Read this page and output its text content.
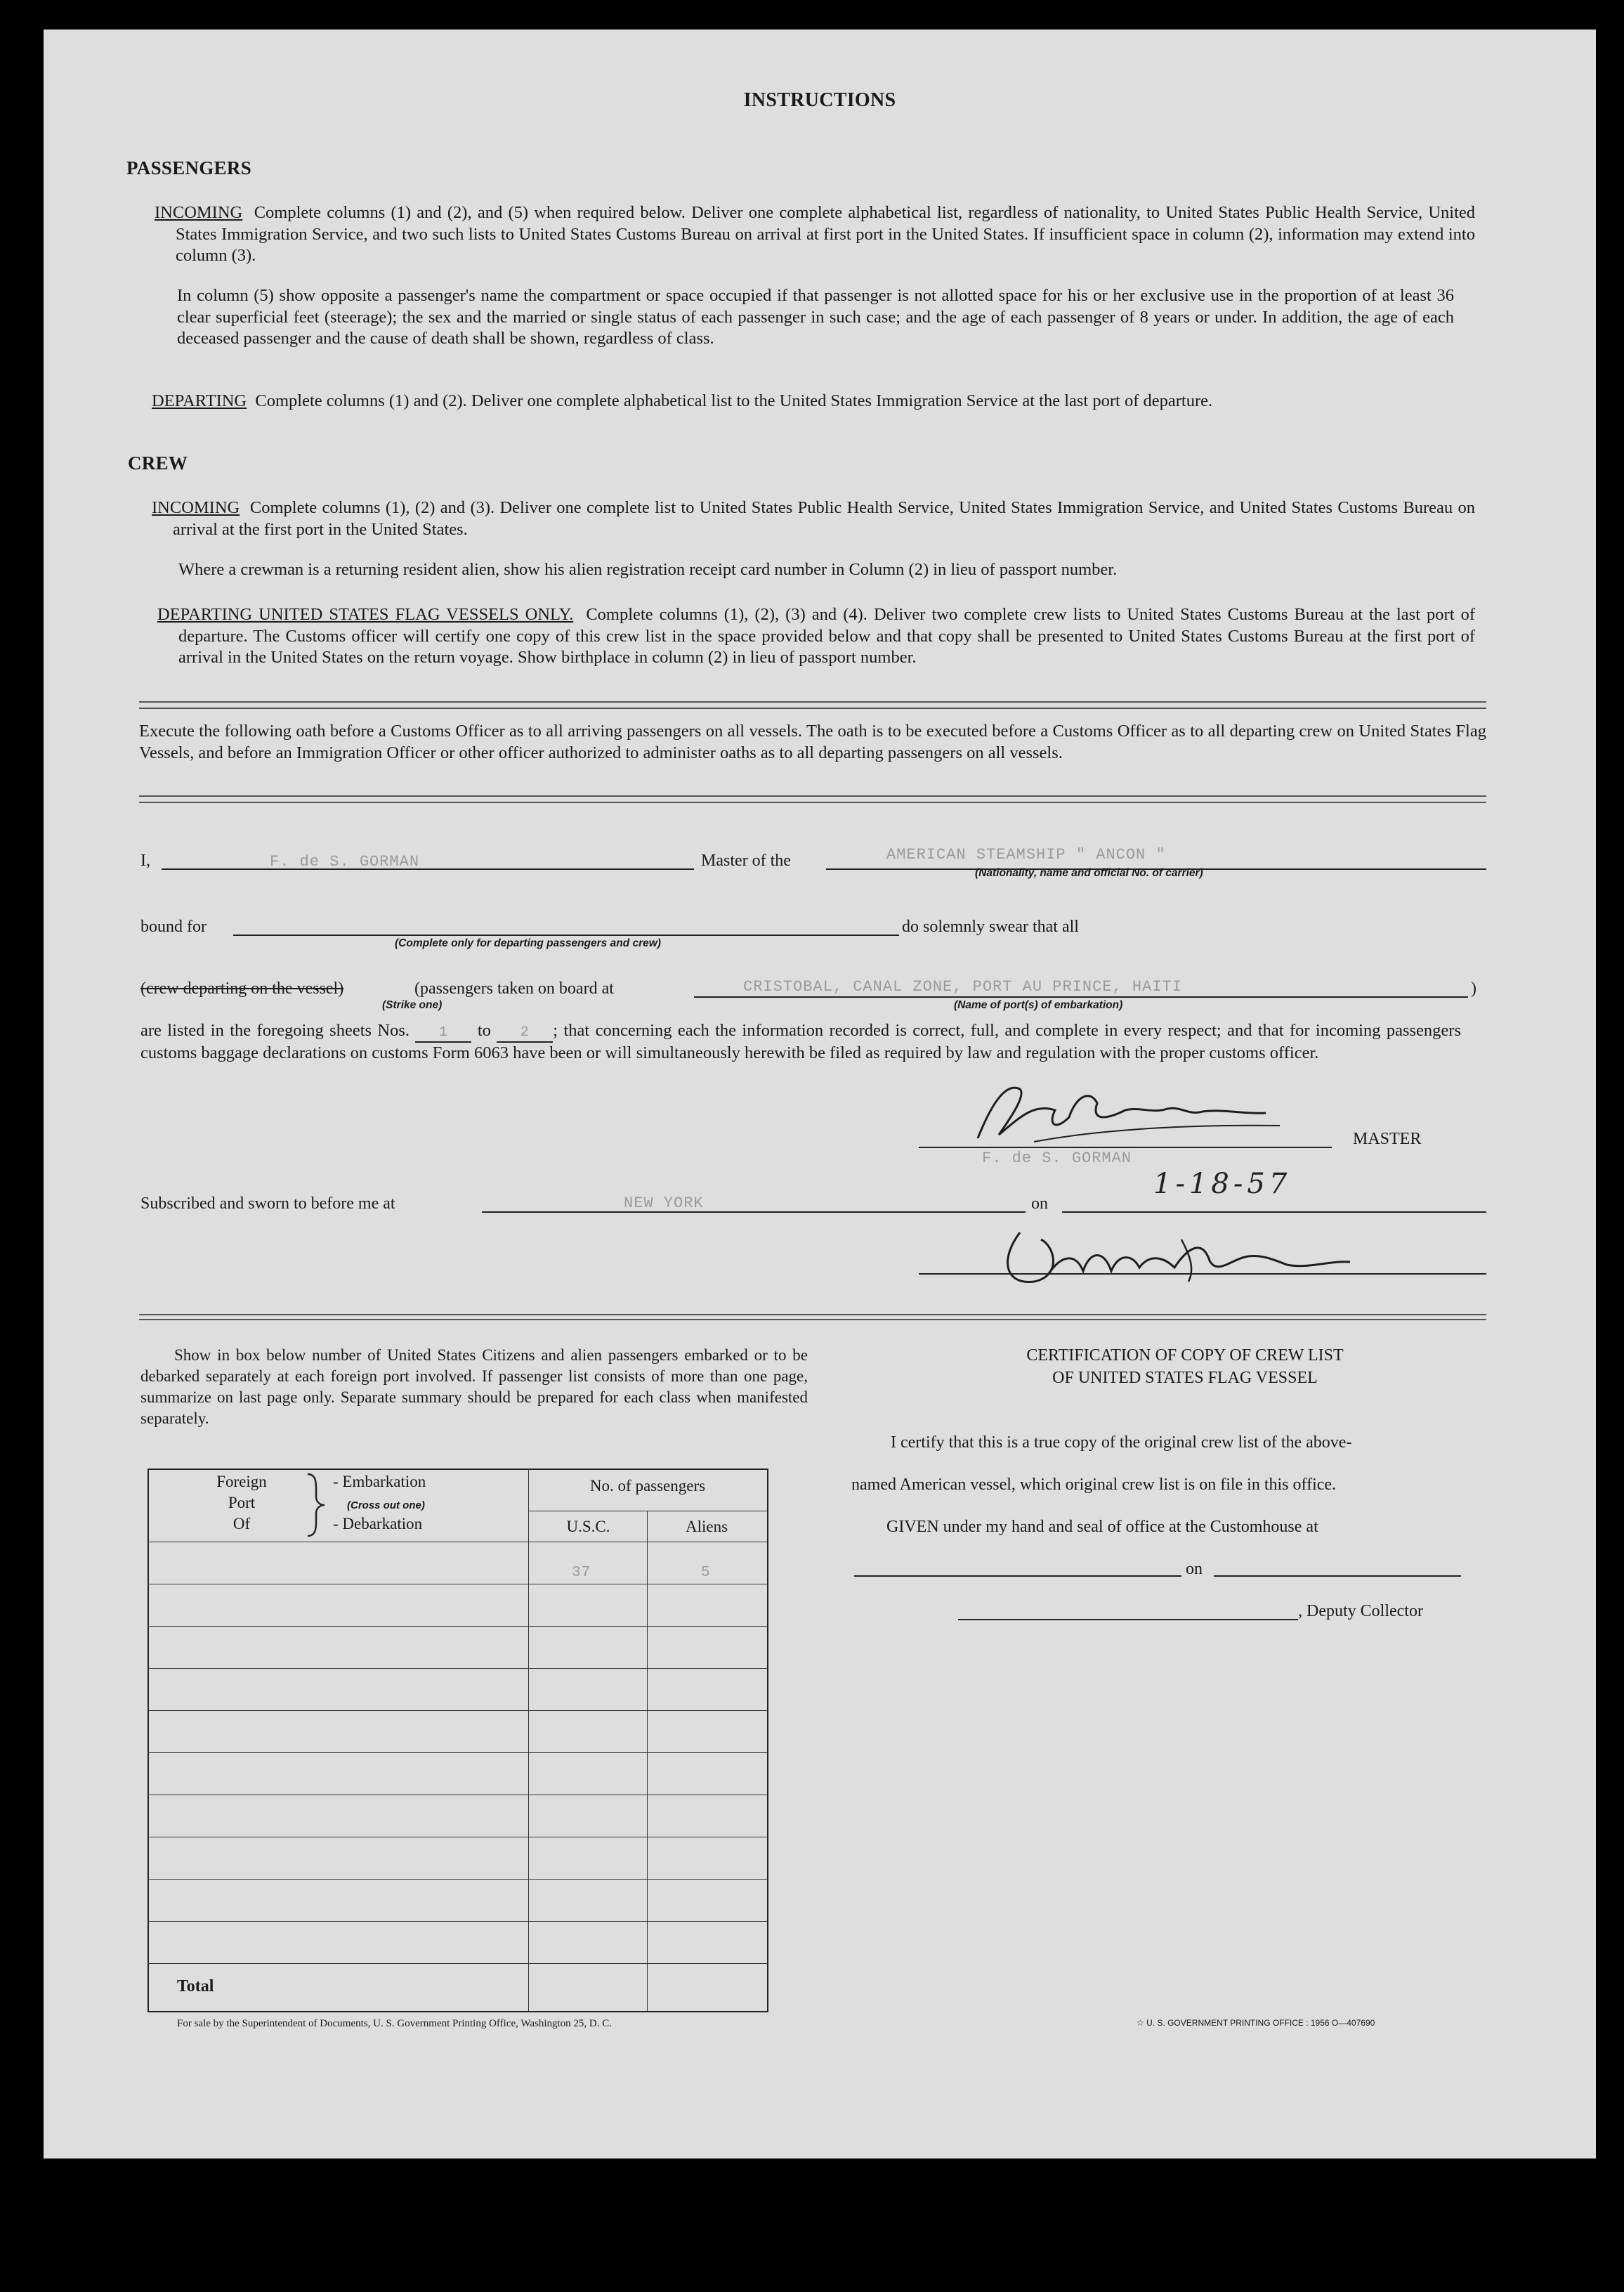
INSTRUCTIONS
PASSENGERS
INCOMING Complete columns (1) and (2), and (5) when required below. Deliver one complete alphabetical list, regardless of nationality, to United States Public Health Service, United States Immigration Service, and two such lists to United States Customs Bureau on arrival at first port in the United States. If insufficient space in column (2), information may extend into column (3).
In column (5) show opposite a passenger's name the compartment or space occupied if that passenger is not allotted space for his or her exclusive use in the proportion of at least 36 clear superficial feet (steerage); the sex and the married or single status of each passenger in such case; and the age of each passenger of 8 years or under. In addition, the age of each deceased passenger and the cause of death shall be shown, regardless of class.
DEPARTING Complete columns (1) and (2). Deliver one complete alphabetical list to the United States Immigration Service at the last port of departure.
CREW
INCOMING Complete columns (1), (2) and (3). Deliver one complete list to United States Public Health Service, United States Immigration Service, and United States Customs Bureau on arrival at the first port in the United States.
Where a crewman is a returning resident alien, show his alien registration receipt card number in Column (2) in lieu of passport number.
DEPARTING UNITED STATES FLAG VESSELS ONLY. Complete columns (1), (2), (3) and (4). Deliver two complete crew lists to United States Customs Bureau at the last port of departure. The Customs officer will certify one copy of this crew list in the space provided below and that copy shall be presented to United States Customs Bureau at the first port of arrival in the United States on the return voyage. Show birthplace in column (2) in lieu of passport number.
Execute the following oath before a Customs Officer as to all arriving passengers on all vessels. The oath is to be executed before a Customs Officer as to all departing crew on United States Flag Vessels, and before an Immigration Officer or other officer authorized to administer oaths as to all departing passengers on all vessels.
I,	F. de S. GORMAN	Master of the	AMERICAN STEAMSHIP " ANCON "
(Nationality, name and official No. of carrier)
bound for
(Complete only for departing passengers and crew)
do solemnly swear that all
(crew departing on the vessel)	(passengers taken on board at	CRISTOBAL, CANAL ZONE, PORT AU PRINCE, HAITI	)
(Strike one)	(Name of port(s) of embarkation)
are listed in the foregoing sheets Nos. 1 to 2 ; that concerning each the information recorded is correct, full, and complete in every respect; and that for incoming passengers customs baggage declarations on customs Form 6063 have been or will simultaneously herewith be filed as required by law and regulation with the proper customs officer.
MASTER
F. de S. GORMAN
Subscribed and sworn to before me at	NEW YORK	on
1-18-57
Show in box below number of United States Citizens and alien passengers embarked or to be debarked separately at each foreign port involved. If passenger list consists of more than one page, summarize on last page only. Separate summary should be prepared for each class when manifested separately.
Foreign
Port
Of
- Embarkation
(Cross out one)
- Debarkation
No. of passengers
U.S.C.	Aliens
37	5
Total
CERTIFICATION OF COPY OF CREW LIST
OF UNITED STATES FLAG VESSEL
I certify that this is a true copy of the original crew list of the above-
named American vessel, which original crew list is on file in this office.
GIVEN under my hand and seal of office at the Customhouse at
on
, Deputy Collector
For sale by the Superintendent of Documents, U. S. Government Printing Office, Washington 25, D. C.	☆ U. S. GOVERNMENT PRINTING OFFICE : 1956 O—407690
